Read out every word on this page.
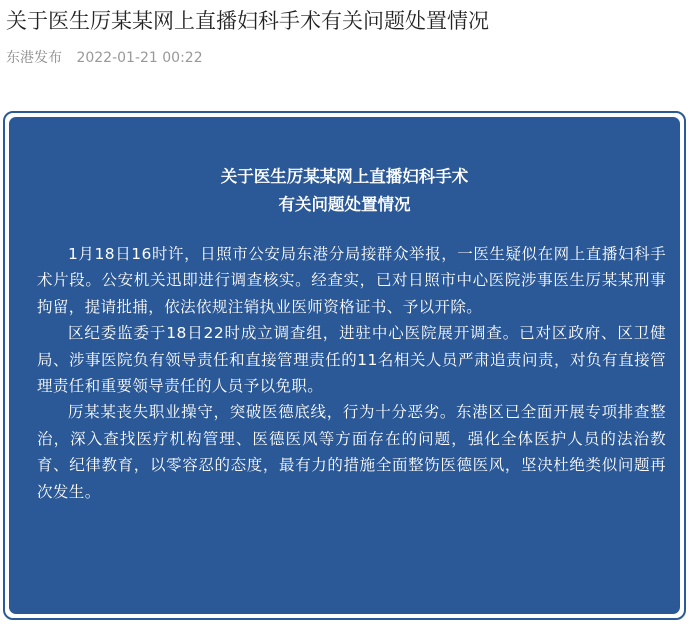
关于医生厉某某网上直播妇科手术有关问题处置情况
东港发布 2022-01-21 00:22
关于医生厉某某网上直播妇科手术
有关问题处置情况

1月18日16时许，日照市公安局东港分局接群众举报，一医生疑似在网上直播妇科手术片段。公安机关迅即进行调查核实。经查实，已对日照市中心医院涉事医生厉某某刑事拘留，提请批捕，依法依规注销执业医师资格证书、予以开除。

区纪委监委于18日22时成立调查组，进驻中心医院展开调查。已对区政府、区卫健局、涉事医院负有领导责任和直接管理责任的11名相关人员严肃追责问责，对负有直接管理责任和重要领导责任的人员予以免职。

厉某某丧失职业操守，突破医德底线，行为十分恶劣。东港区已全面开展专项排查整治，深入查找医疗机构管理、医德医风等方面存在的问题，强化全体医护人员的法治教育、纪律教育，以零容忍的态度，最有力的措施全面整饬医德医风，坚决杜绝类似问题再次发生。
